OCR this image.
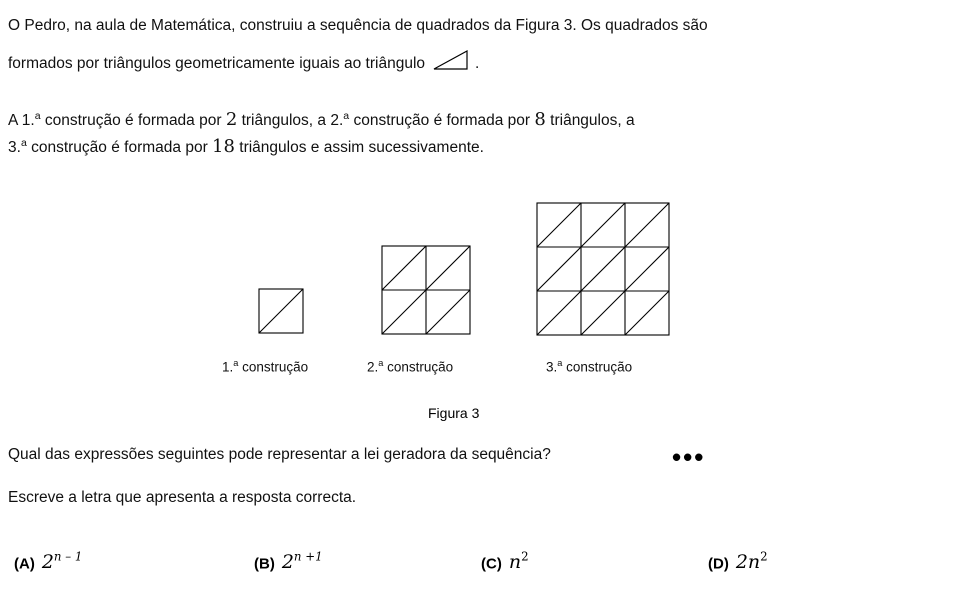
O Pedro, na aula de Matemática, construiu a sequência de quadrados da Figura 3. Os quadrados são
formados por triângulos geometricamente iguais ao triângulo	.
A 1.$^a$ construção é formada por 2 triângulos, a 2.$^a$ construção é formada por 8 triângulos, a
3.$^a$ construção é formada por 18 triângulos e assim sucessivamente.
•••
1.$^a$ construção	2.$^a$ construção	3.$^a$ construção
Figura 3
Qual das expressões seguintes pode representar a lei geradora da sequência?
Escreve a letra que apresenta a resposta correcta.
(A) 2$^{n - 1}$	(B) $2^{n +1}$	(C) $n^2$	(D) $2n^2$
